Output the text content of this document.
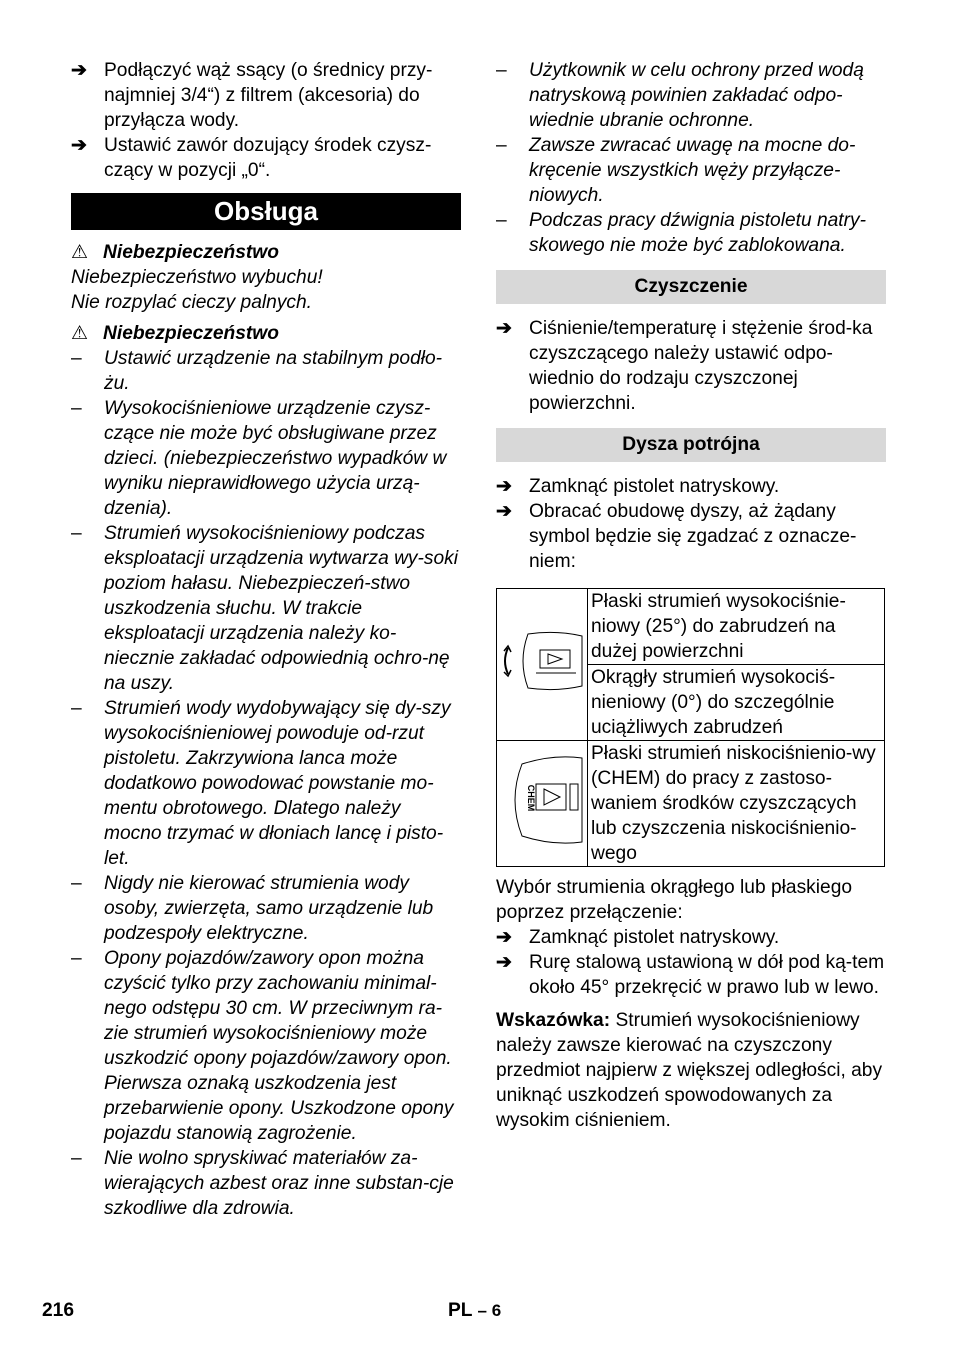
➔ Podłączyć wąż ssący (o średnicy przy-najmniej 3/4“) z filtrem (akcesoria) do przyłącza wody.
➔ Ustawić zawór dozujący środek czysz-czący w pozycji „0“.
Obsługa
⚠ Niebezpieczeństwo
Niebezpieczeństwo wybuchu!
Nie rozpylać cieczy palnych.
⚠ Niebezpieczeństwo
– Ustawić urządzenie na stabilnym podło-żu.
– Wysokociśnieniowe urządzenie czysz-czące nie może być obsługiwane przez dzieci. (niebezpieczeństwo wypadków w wyniku nieprawidłowego użycia urzą-dzenia).
– Strumień wysokociśnieniowy podczas eksploatacji urządzenia wytwarza wy-soki poziom hałasu. Niebezpieczeń-stwo uszkodzenia słuchu. W trakcie eksploatacji urządzenia należy ko-niecznie zakładać odpowiednią ochro-nę na uszy.
– Strumień wody wydobywający się dy-szy wysokociśnieniowej powoduje od-rzut pistoletu. Zakrzywiona lanca może dodatkowo powodować powstanie mo-mentu obrotowego. Dlatego należy mocno trzymać w dłoniach lancę i pisto-let.
– Nigdy nie kierować strumienia wody osoby, zwierzęta, samo urządzenie lub podzespoły elektryczne.
– Opony pojazdów/zawory opon można czyścić tylko przy zachowaniu minimal-nego odstępu 30 cm. W przeciwnym ra-zie strumień wysokociśnieniowy może uszkodzić opony pojazdów/zawory opon. Pierwsza oznaką uszkodzenia jest przebarwienie opony. Uszkodzone opony pojazdu stanowią zagrożenie.
– Nie wolno spryskiwać materiałów za-wierających azbest oraz inne substan-cje szkodliwe dla zdrowia.
– Użytkownik w celu ochrony przed wodą natryskową powinien zakładać odpo-wiednie ubranie ochronne.
– Zawsze zwracać uwagę na mocne do-kręcenie wszystkich węży przyłącze-niowych.
– Podczas pracy dźwignia pistoletu natry-skowego nie może być zablokowana.
Czyszczenie
➔ Ciśnienie/temperaturę i stężenie środ-ka czyszczącego należy ustawić odpo-wiednio do rodzaju czyszczonej powierzchni.
Dysza potrójna
➔ Zamknąć pistolet natryskowy.
➔ Obracać obudowę dyszy, aż żądany symbol będzie się zgadzać z oznacze-niem:
	Płaski strumień wysokociśnie-niowy (25°) do zabrudzeń na dużej powierzchni
	Okrągły strumień wysokociś-nieniowy (0°) do szczególnie uciążliwych zabrudzeń

CHEM	Płaski strumień niskociśnienio-wy (CHEM) do pracy z zastoso-waniem środków czyszczących lub czyszczenia niskociśnienio-wego
Wybór strumienia okrągłego lub płaskiego poprzez przełączenie:
➔ Zamknąć pistolet natryskowy.
➔ Rurę stalową ustawioną w dół pod ką-tem około 45° przekręcić w prawo lub w lewo.
Wskazówka: Strumień wysokociśnieniowy należy zawsze kierować na czyszczony przedmiot najpierw z większej odległości, aby uniknąć uszkodzeń spowodowanych za wysokim ciśnieniem.
216	PL – 6
